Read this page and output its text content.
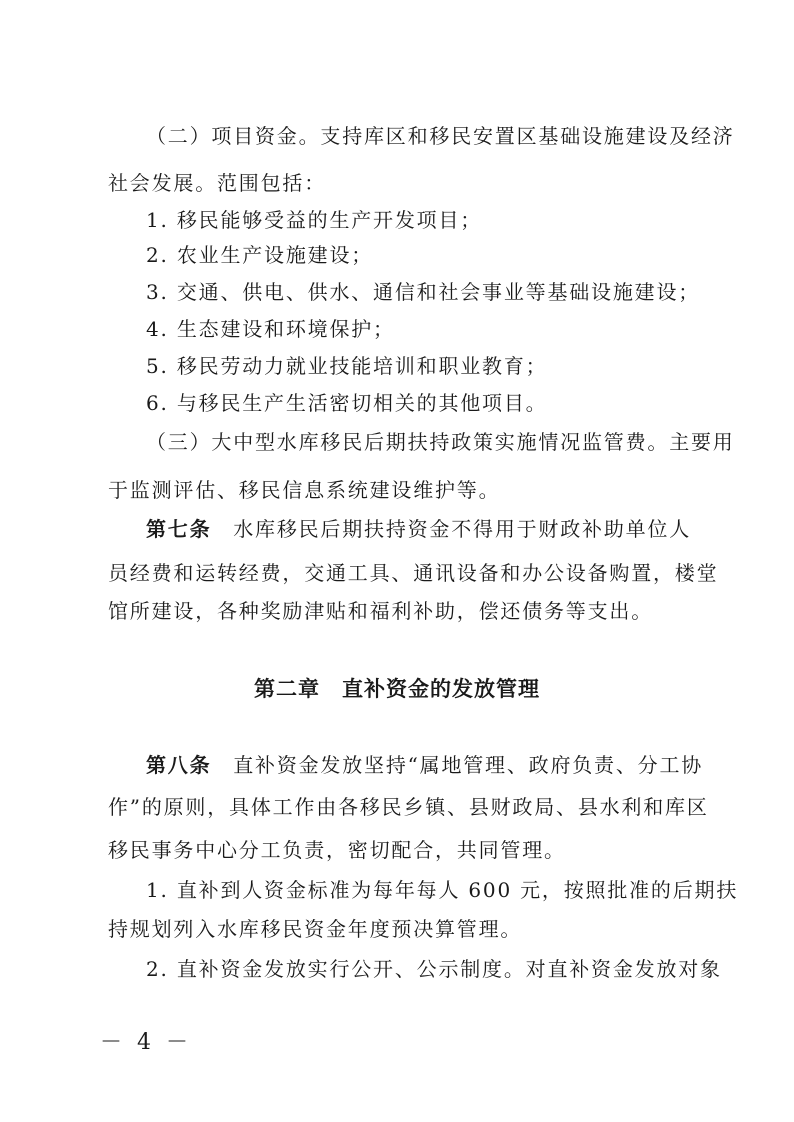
（二）项目资金。支持库区和移民安置区基础设施建设及经济
社会发展。范围包括：
1. 移民能够受益的生产开发项目；
2. 农业生产设施建设；
3. 交通、供电、供水、通信和社会事业等基础设施建设；
4. 生态建设和环境保护；
5. 移民劳动力就业技能培训和职业教育；
6. 与移民生产生活密切相关的其他项目。
（三）大中型水库移民后期扶持政策实施情况监管费。主要用
于监测评估、移民信息系统建设维护等。
第七条　 水库移民后期扶持资金不得用于财政补助单位人
员经费和运转经费，交通工具、通讯设备和办公设备购置，楼堂
馆所建设，各种奖励津贴和福利补助，偿还债务等支出。
第二章　直补资金的发放管理
第八条　 直补资金发放坚持“属地管理、政府负责、分工协
作”的原则，具体工作由各移民乡镇、县财政局、县水利和库区
移民事务中心分工负责，密切配合，共同管理。
1. 直补到人资金标准为每年每人 600 元，按照批准的后期扶
持规划列入水库移民资金年度预决算管理。
2. 直补资金发放实行公开、公示制度。对直补资金发放对象
－ 4 －
